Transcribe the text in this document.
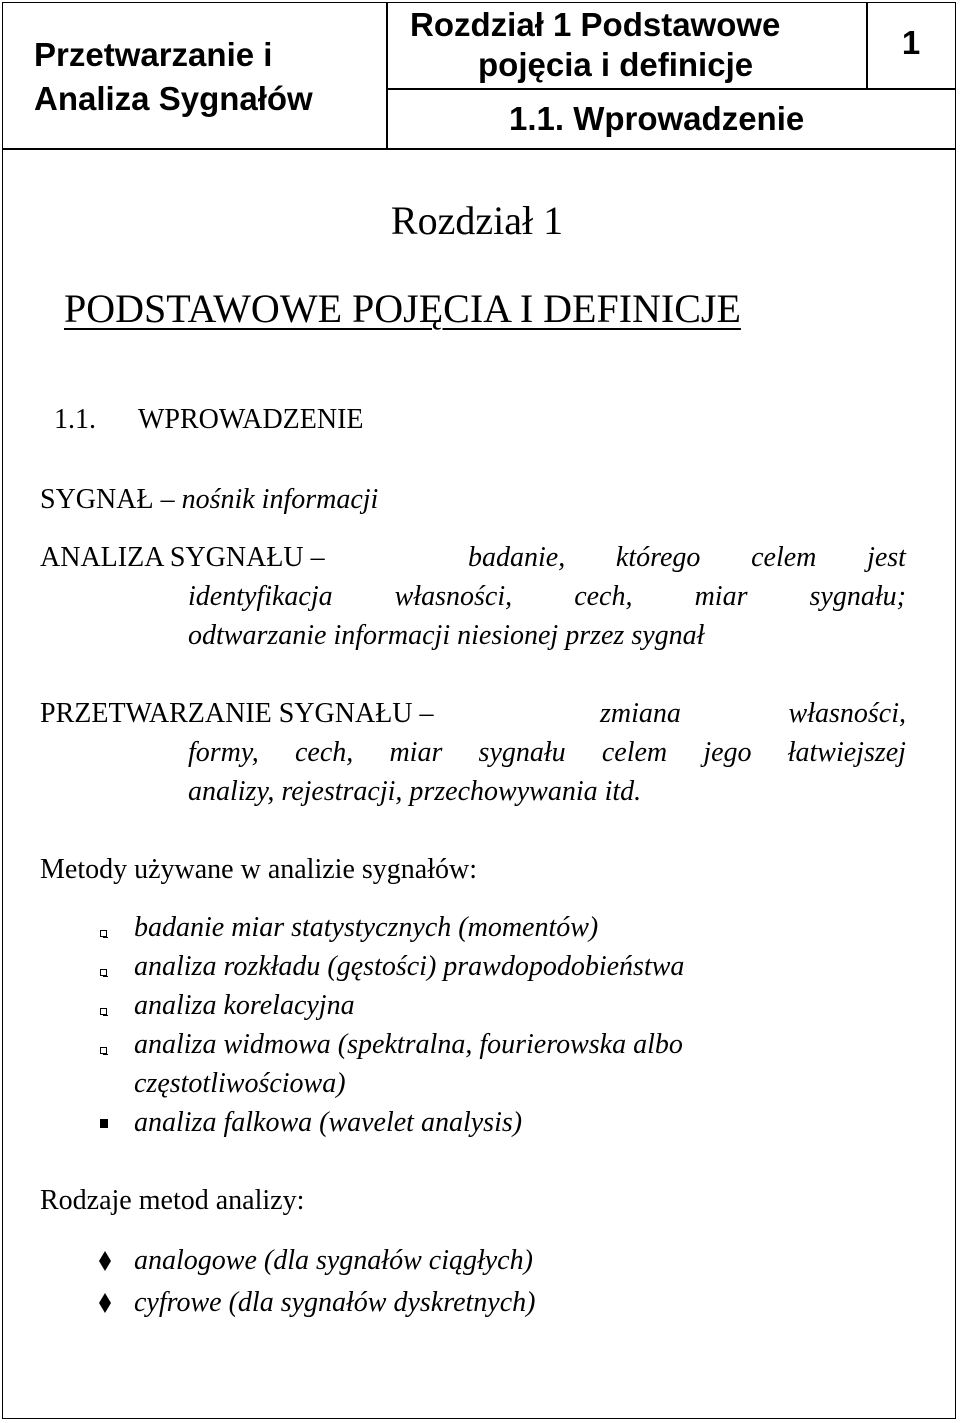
Przetwarzanie i
Analiza Sygnałów
Rozdział 1 Podstawowe
pojęcia i definicje
1.1. Wprowadzenie
1
Rozdział 1
PODSTAWOWE POJĘCIA I DEFINICJE
1.1. WPROWADZENIE
SYGNAŁ – nośnik informacji
ANALIZA SYGNAŁU –	badanie, którego celem jest
identyfikacja własności, cech, miar sygnału;
odtwarzanie informacji niesionej przez sygnał
PRZETWARZANIE SYGNAŁU –	zmiana	własności,
formy, cech, miar sygnału celem jego łatwiejszej
analizy, rejestracji, przechowywania itd.
Metody używane w analizie sygnałów:
badanie miar statystycznych (momentów)
analiza rozkładu (gęstości) prawdopodobieństwa
analiza korelacyjna
analiza widmowa (spektralna, fourierowska albo
częstotliwościowa)
analiza falkowa (wavelet analysis)
Rodzaje metod analizy:
analogowe (dla sygnałów ciągłych)
cyfrowe (dla sygnałów dyskretnych)
